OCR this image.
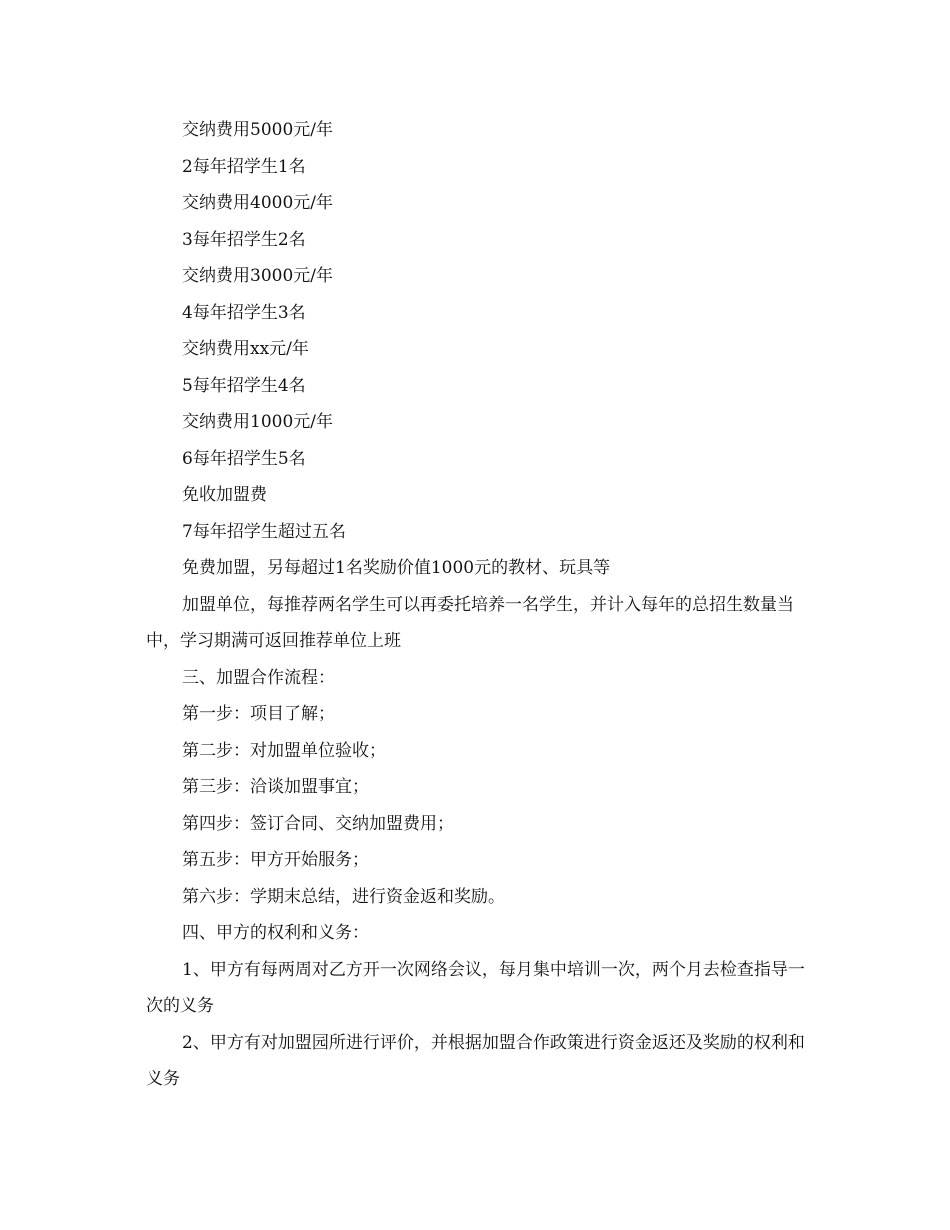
交纳费用5000元/年

2每年招学生1名

交纳费用4000元/年

3每年招学生2名

交纳费用3000元/年

4每年招学生3名

交纳费用xx元/年

5每年招学生4名

交纳费用1000元/年

6每年招学生5名

免收加盟费

7每年招学生超过五名

免费加盟，另每超过1名奖励价值1000元的教材、玩具等

加盟单位，每推荐两名学生可以再委托培养一名学生，并计入每年的总招生数量当中，学习期满可返回推荐单位上班

三、加盟合作流程：

第一步：项目了解；

第二步：对加盟单位验收；

第三步：洽谈加盟事宜；

第四步：签订合同、交纳加盟费用；

第五步：甲方开始服务；

第六步：学期末总结，进行资金返和奖励。

四、甲方的权利和义务：

1、甲方有每两周对乙方开一次网络会议，每月集中培训一次，两个月去检查指导一次的义务

2、甲方有对加盟园所进行评价，并根据加盟合作政策进行资金返还及奖励的权利和义务
